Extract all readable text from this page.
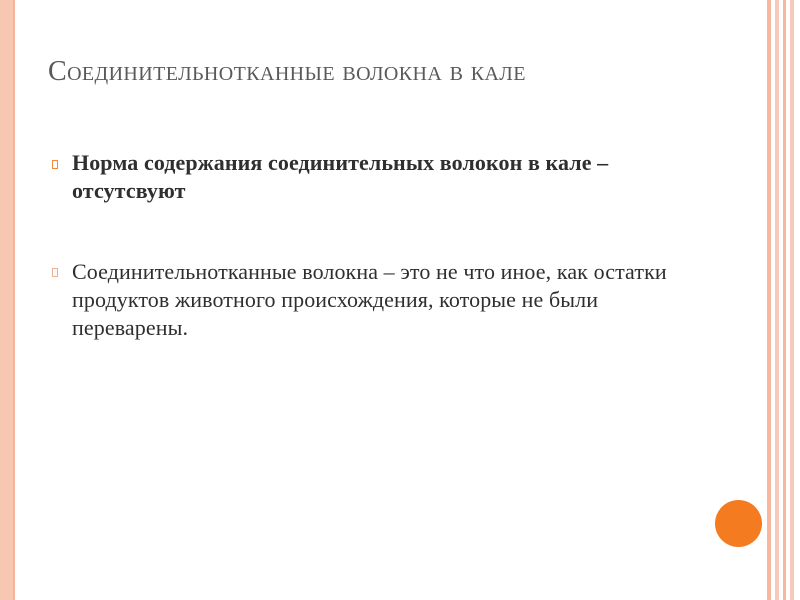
Соединительнотканные волокна в кале
Норма содержания соединительных волокон в кале – отсутсвуют
Соединительнотканные волокна – это не что иное, как остатки продуктов животного происхождения, которые не были переварены.
